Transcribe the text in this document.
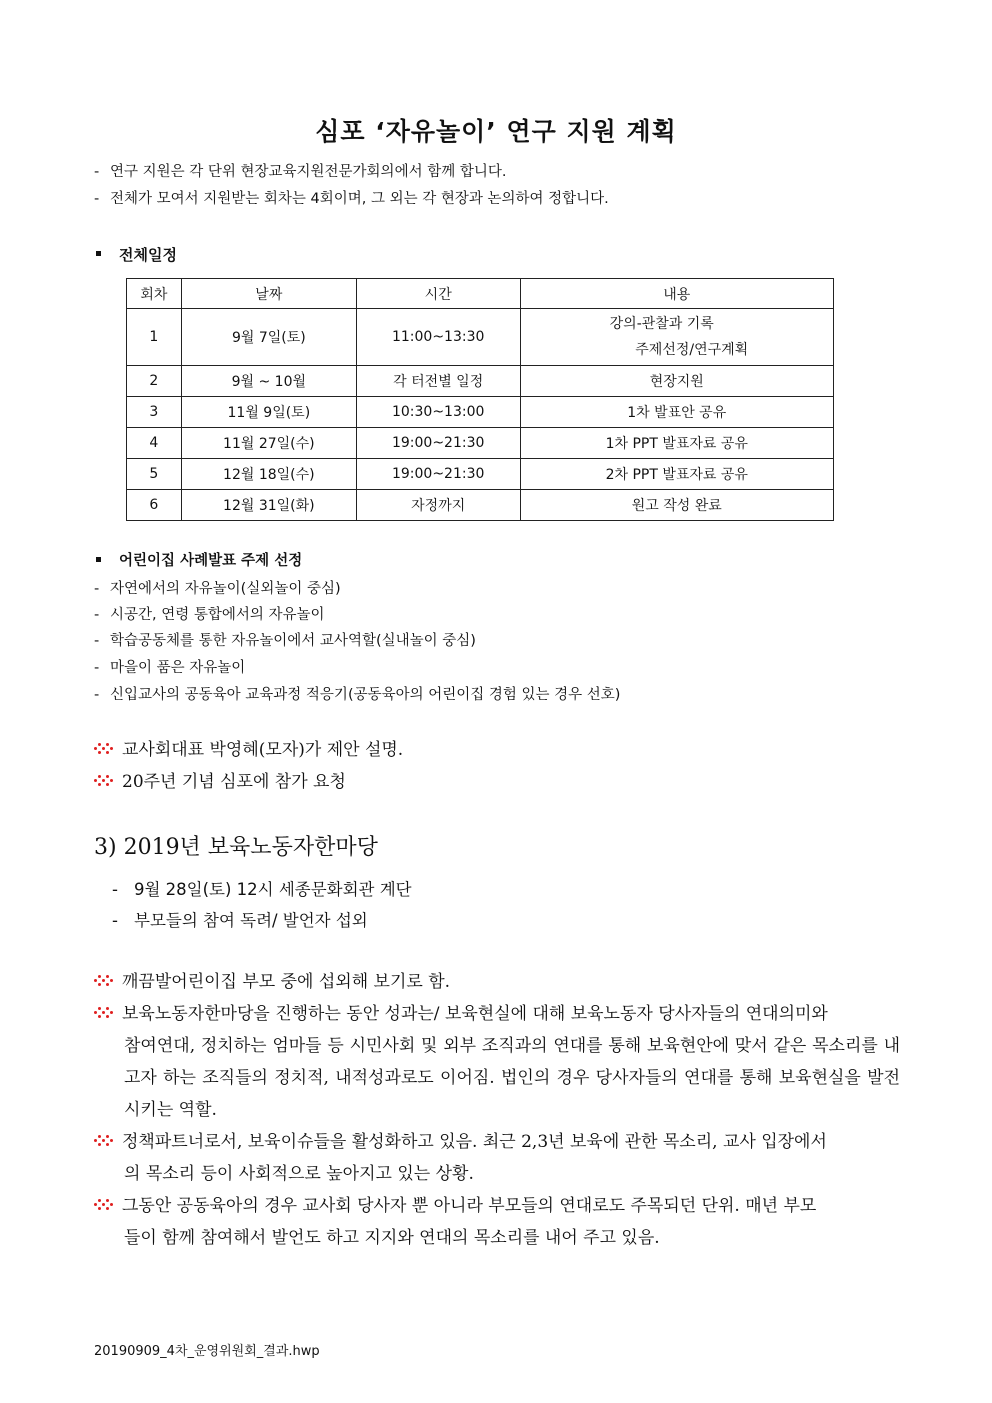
심포 ‘자유놀이’ 연구 지원 계획
- 연구 지원은 각 단위 현장교육지원전문가회의에서 함께 합니다.
- 전체가 모여서 지원받는 회차는 4회이며, 그 외는 각 현장과 논의하여 정합니다.
전체일정
회차	날짜	시간	내용
1	9월 7일(토)	11:00~13:30	강의-관찰과 기록
주제선정/연구계획

2	9월 ~ 10월	각 터전별 일정	현장지원
3	11월 9일(토)	10:30~13:00	1차 발표안 공유
4	11월 27일(수)	19:00~21:30	1차 PPT 발표자료 공유
5	12월 18일(수)	19:00~21:30	2차 PPT 발표자료 공유
6	12월 31일(화)	자정까지	원고 작성 완료
어린이집 사례발표 주제 선정
- 자연에서의 자유놀이(실외놀이 중심)
- 시공간, 연령 통합에서의 자유놀이
- 학습공동체를 통한 자유놀이에서 교사역할(실내놀이 중심)
- 마을이 품은 자유놀이
- 신입교사의 공동육아 교육과정 적응기(공동육아의 어린이집 경험 있는 경우 선호)
교사회대표 박영혜(모자)가 제안 설명.
20주년 기념 심포에 참가 요청
3) 2019년 보육노동자한마당
- 9월 28일(토) 12시 세종문화회관 계단
- 부모들의 참여 독려/ 발언자 섭외
깨끔발어린이집 부모 중에 섭외해 보기로 함.
보육노동자한마당을 진행하는 동안 성과는/ 보육현실에 대해 보육노동자 당사자들의 연대의미와
참여연대, 정치하는 엄마들 등 시민사회 및 외부 조직과의 연대를 통해 보육현안에 맞서 같은 목소리를 내고자 하는 조직들의 정치적, 내적성과로도 이어짐. 법인의 경우 당사자들의 연대를 통해 보육현실을 발전시키는 역할.
정책파트너로서, 보육이슈들을 활성화하고 있음. 최근 2,3년 보육에 관한 목소리, 교사 입장에서
의 목소리 등이 사회적으로 높아지고 있는 상황.
그동안 공동육아의 경우 교사회 당사자 뿐 아니라 부모들의 연대로도 주목되던 단위. 매년 부모
들이 함께 참여해서 발언도 하고 지지와 연대의 목소리를 내어 주고 있음.
20190909_4차_운영위원회_결과.hwp
